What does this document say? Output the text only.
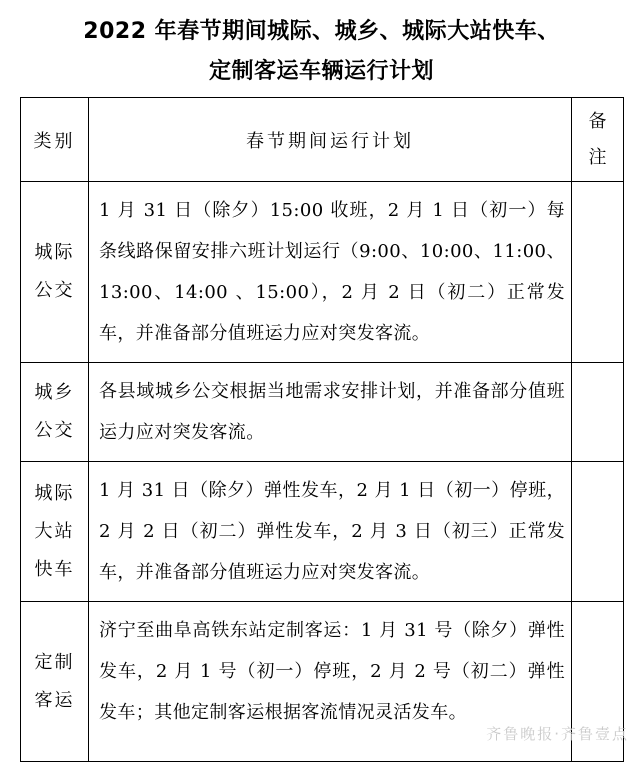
2022 年春节期间城际、城乡、城际大站快车、
定制客运车辆运行计划
类别	春节期间运行计划	备
注

城际
公交	1 月 31 日（除夕）15:00 收班，2 月 1 日（初一）每条线路保留安排六班计划运行（9:00、10:00、11:00、13:00、14:00 、15:00），2 月 2 日（初二）正常发车，并准备部分值班运力应对突发客流。	

城乡
公交	各县域城乡公交根据当地需求安排计划，并准备部分值班运力应对突发客流。	

城际
大站
快车	1 月 31 日（除夕）弹性发车，2 月 1 日（初一）停班，2 月 2 日（初二）弹性发车，2 月 3 日（初三）正常发车，并准备部分值班运力应对突发客流。	

定制
客运	济宁至曲阜高铁东站定制客运：1 月 31 号（除夕）弹性发车，2 月 1 号（初一）停班，2 月 2 号（初二）弹性发车；其他定制客运根据客流情况灵活发车。	
齐鲁晚报·齐鲁壹点
